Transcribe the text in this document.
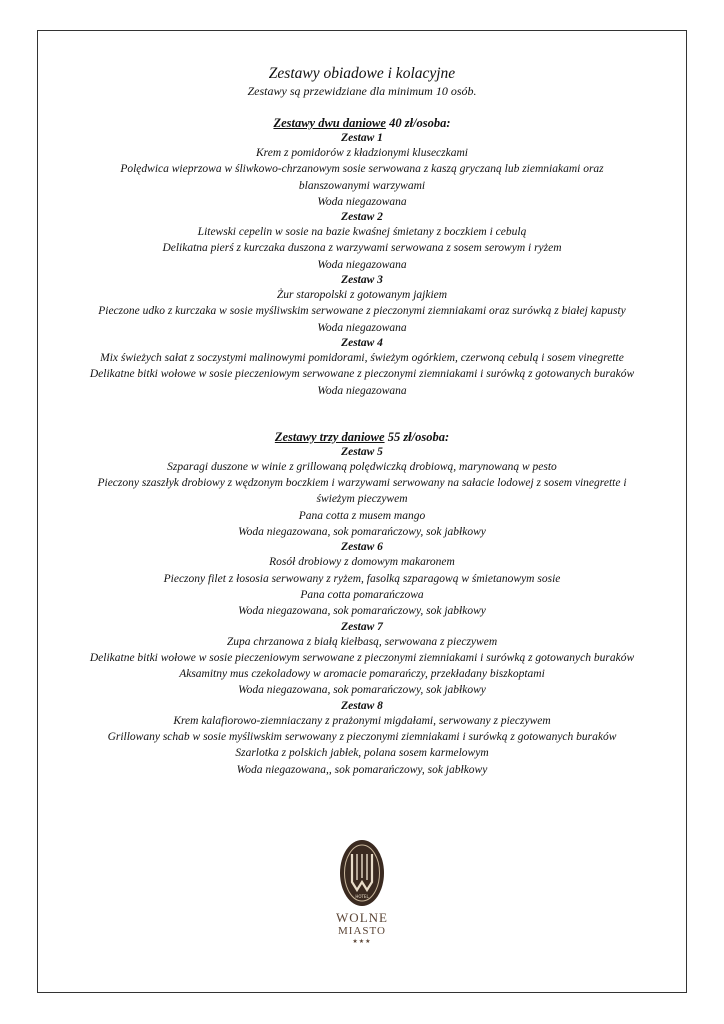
Zestawy obiadowe i kolacyjne

Zestawy są przewidziane dla minimum 10 osób.

Zestawy dwu daniowe 40 zł/osoba:

Zestaw 1

Krem z pomidorów z kładzionymi kluseczkami

Polędwica wieprzowa w śliwkowo-chrzanowym sosie serwowana z kaszą gryczaną lub ziemniakami oraz

blanszowanymi warzywami

Woda niegazowana

Zestaw 2

Litewski cepelin w sosie na bazie kwaśnej śmietany z boczkiem i cebulą

Delikatna pierś z kurczaka duszona z warzywami serwowana z sosem serowym i ryżem

Woda niegazowana

Zestaw 3

Żur staropolski z gotowanym jajkiem

Pieczone udko z kurczaka w sosie myśliwskim serwowane z pieczonymi ziemniakami oraz surówką z białej kapusty

Woda niegazowana

Zestaw 4

Mix świeżych sałat z soczystymi malinowymi pomidorami, świeżym ogórkiem, czerwoną cebulą i sosem vinegrette

Delikatne bitki wołowe w sosie pieczeniowym serwowane z pieczonymi ziemniakami i surówką z gotowanych buraków

Woda niegazowana

Zestawy trzy daniowe 55 zł/osoba:

Zestaw 5

Szparagi duszone w winie z grillowaną polędwiczką drobiową, marynowaną w pesto

Pieczony szaszłyk drobiowy z wędzonym boczkiem i warzywami serwowany na sałacie lodowej z sosem vinegrette i

świeżym pieczywem

Pana cotta z musem mango

Woda niegazowana, sok pomarańczowy, sok jabłkowy

Zestaw 6

Rosół drobiowy z domowym makaronem

Pieczony filet z łososia serwowany z ryżem, fasolką szparagową w śmietanowym sosie

Pana cotta pomarańczowa

Woda niegazowana, sok pomarańczowy, sok jabłkowy

Zestaw 7

Zupa chrzanowa z białą kiełbasą, serwowana z pieczywem

Delikatne bitki wołowe w sosie pieczeniowym serwowane z pieczonymi ziemniakami i surówką z gotowanych buraków

Aksamitny mus czekoladowy w aromacie pomarańczy, przekładany biszkoptami

Woda niegazowana, sok pomarańczowy, sok jabłkowy

Zestaw 8

Krem kalafiorowo-ziemniaczany z prażonymi migdałami, serwowany z pieczywem

Grillowany schab w sosie myśliwskim serwowany z pieczonymi ziemniakami i surówką z gotowanych buraków

Szarlotka z polskich jabłek, polana sosem karmelowym

Woda niegazowana,, sok pomarańczowy, sok jabłkowy

HOTEL

WOLNE

MIASTO

★★★
